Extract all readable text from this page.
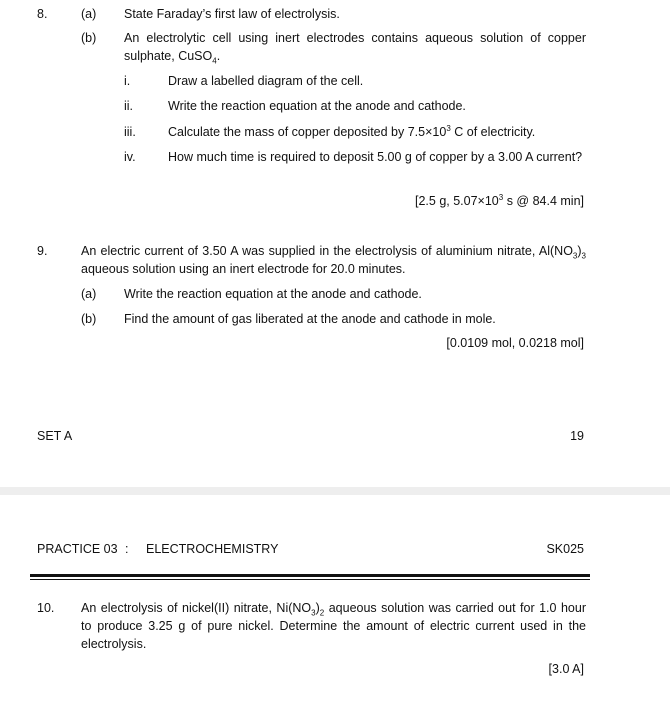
8.	(a) State Faraday’s first law of electrolysis.
(b) An electrolytic cell using inert electrodes contains aqueous solution of copper sulphate, CuSO$_4$.
i.	Draw a labelled diagram of the cell.
ii.	Write the reaction equation at the anode and cathode.
iii.	Calculate the mass of copper deposited by $7.5\times 10^3$ C of electricity.
iv.	How much time is required to deposit 5.00 g of copper by a 3.00 A current?
[2.5 g, $5.07\times 10^3$ s @ 84.4 min]
9.	An electric current of 3.50 A was supplied in the electrolysis of aluminium nitrate, $Al(NO_3)_3$ aqueous solution using an inert electrode for 20.0 minutes.
(a) Write the reaction equation at the anode and cathode.
(b) Find the amount of gas liberated at the anode and cathode in mole.
[0.0109 mol, 0.0218 mol]
SET A	19
PRACTICE 03 : ELECTROCHEMISTRY	SK025
10. An electrolysis of nickel(II) nitrate, $Ni(NO_3)_2$ aqueous solution was carried out for 1.0 hour to produce 3.25 g of pure nickel. Determine the amount of electric current used in the electrolysis.
[3.0 A]
